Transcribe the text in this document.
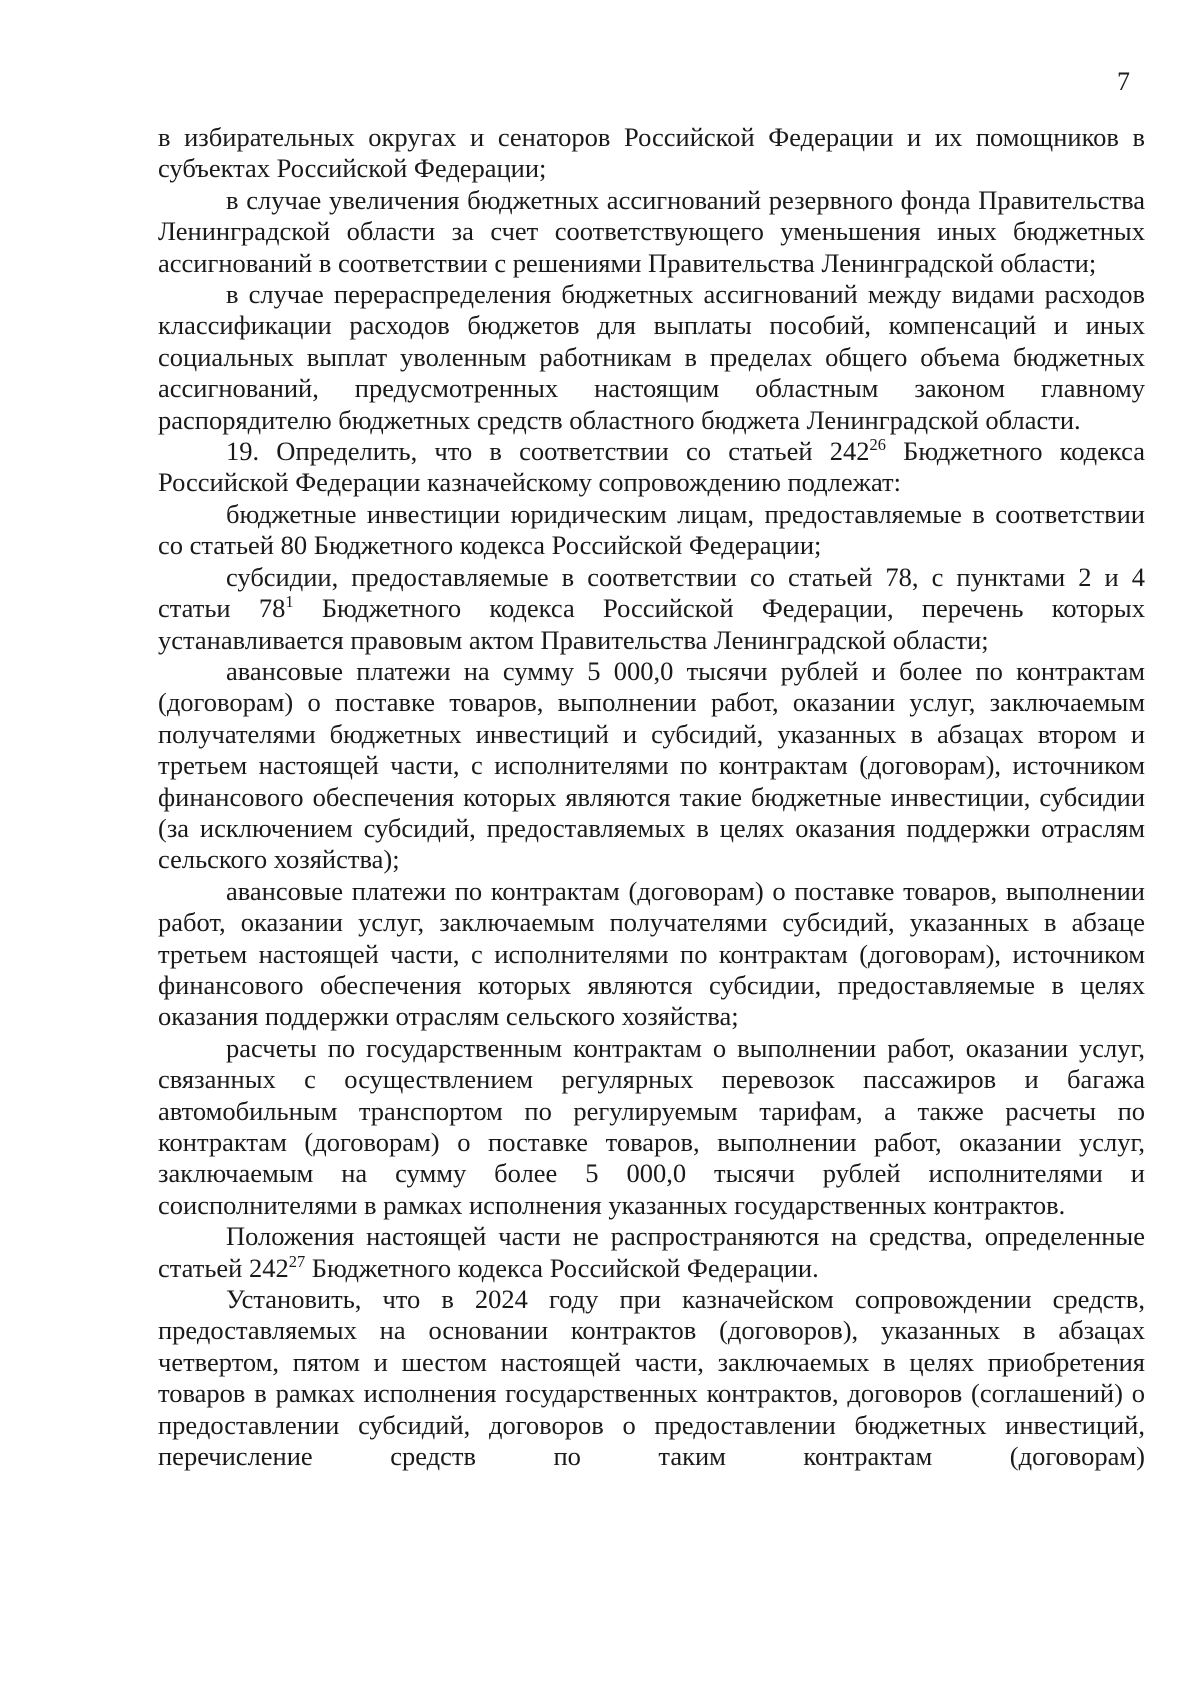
7

в избирательных округах и сенаторов Российской Федерации и их помощников в субъектах Российской Федерации;

в случае увеличения бюджетных ассигнований резервного фонда Правительства Ленинградской области за счет соответствующего уменьшения иных бюджетных ассигнований в соответствии с решениями Правительства Ленинградской области;

в случае перераспределения бюджетных ассигнований между видами расходов классификации расходов бюджетов для выплаты пособий, компенсаций и иных социальных выплат уволенным работникам в пределах общего объема бюджетных ассигнований, предусмотренных настоящим областным законом главному распорядителю бюджетных средств областного бюджета Ленинградской области.

19. Определить, что в соответствии со статьей $242^{26}$ Бюджетного кодекса Российской Федерации казначейскому сопровождению подлежат:

бюджетные инвестиции юридическим лицам, предоставляемые в соответствии со статьей 80 Бюджетного кодекса Российской Федерации;

субсидии, предоставляемые в соответствии со статьей 78, с пунктами 2 и 4 статьи $78^1$ Бюджетного кодекса Российской Федерации, перечень которых устанавливается правовым актом Правительства Ленинградской области;

авансовые платежи на сумму 5 000,0 тысячи рублей и более по контрактам (договорам) о поставке товаров, выполнении работ, оказании услуг, заключаемым получателями бюджетных инвестиций и субсидий, указанных в абзацах втором и третьем настоящей части, с исполнителями по контрактам (договорам), источником финансового обеспечения которых являются такие бюджетные инвестиции, субсидии (за исключением субсидий, предоставляемых в целях оказания поддержки отраслям сельского хозяйства);

авансовые платежи по контрактам (договорам) о поставке товаров, выполнении работ, оказании услуг, заключаемым получателями субсидий, указанных в абзаце третьем настоящей части, с исполнителями по контрактам (договорам), источником финансового обеспечения которых являются субсидии, предоставляемые в целях оказания поддержки отраслям сельского хозяйства;

расчеты по государственным контрактам о выполнении работ, оказании услуг, связанных с осуществлением регулярных перевозок пассажиров и багажа автомобильным транспортом по регулируемым тарифам, а также расчеты по контрактам (договорам) о поставке товаров, выполнении работ, оказании услуг, заключаемым на сумму более 5 000,0 тысячи рублей исполнителями и соисполнителями в рамках исполнения указанных государственных контрактов.

Положения настоящей части не распространяются на средства, определенные статьей $242^{27}$ Бюджетного кодекса Российской Федерации.

Установить, что в 2024 году при казначейском сопровождении средств, предоставляемых на основании контрактов (договоров), указанных в абзацах четвертом, пятом и шестом настоящей части, заключаемых в целях приобретения товаров в рамках исполнения государственных контрактов, договоров (соглашений) о предоставлении субсидий, договоров о предоставлении бюджетных инвестиций, перечисление средств по таким контрактам (договорам)
